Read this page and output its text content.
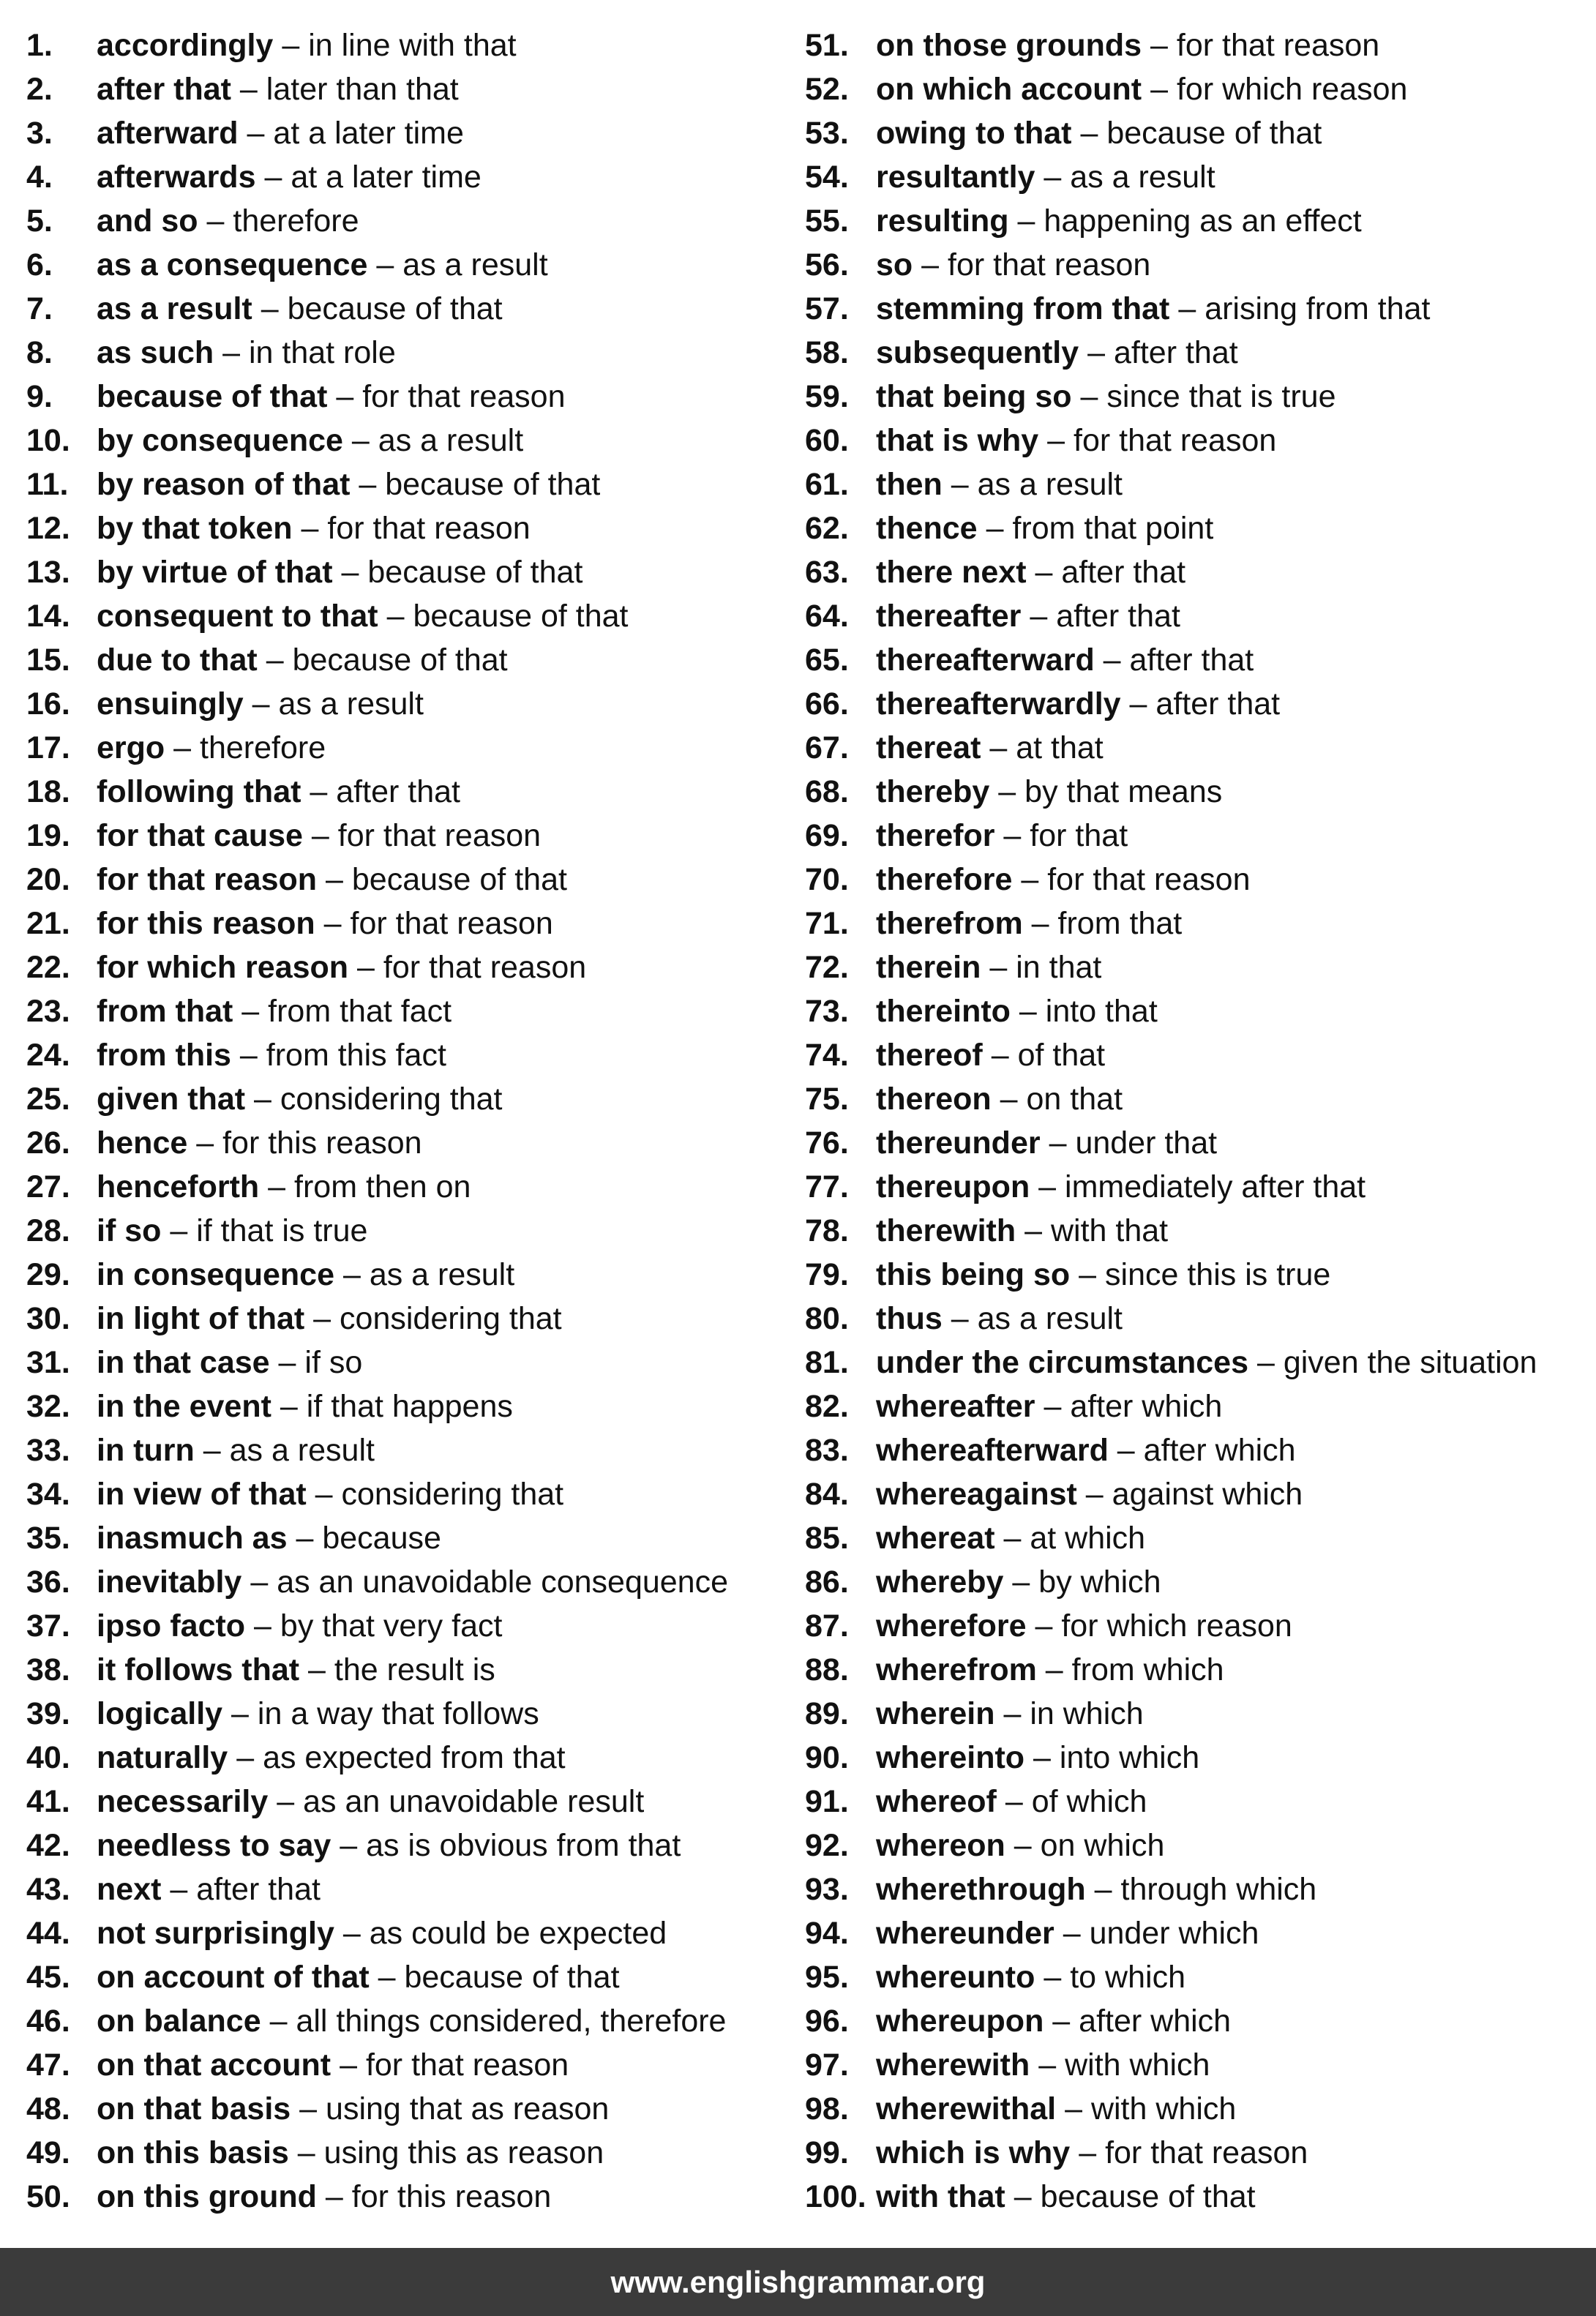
1. accordingly – in line with that
2. after that – later than that
3. afterward – at a later time
4. afterwards – at a later time
5. and so – therefore
6. as a consequence – as a result
7. as a result – because of that
8. as such – in that role
9. because of that – for that reason
10. by consequence – as a result
11. by reason of that – because of that
12. by that token – for that reason
13. by virtue of that – because of that
14. consequent to that – because of that
15. due to that – because of that
16. ensuingly – as a result
17. ergo – therefore
18. following that – after that
19. for that cause – for that reason
20. for that reason – because of that
21. for this reason – for that reason
22. for which reason – for that reason
23. from that – from that fact
24. from this – from this fact
25. given that – considering that
26. hence – for this reason
27. henceforth – from then on
28. if so – if that is true
29. in consequence – as a result
30. in light of that – considering that
31. in that case – if so
32. in the event – if that happens
33. in turn – as a result
34. in view of that – considering that
35. inasmuch as – because
36. inevitably – as an unavoidable consequence
37. ipso facto – by that very fact
38. it follows that – the result is
39. logically – in a way that follows
40. naturally – as expected from that
41. necessarily – as an unavoidable result
42. needless to say – as is obvious from that
43. next – after that
44. not surprisingly – as could be expected
45. on account of that – because of that
46. on balance – all things considered, therefore
47. on that account – for that reason
48. on that basis – using that as reason
49. on this basis – using this as reason
50. on this ground – for this reason
51. on those grounds – for that reason
52. on which account – for which reason
53. owing to that – because of that
54. resultantly – as a result
55. resulting – happening as an effect
56. so – for that reason
57. stemming from that – arising from that
58. subsequently – after that
59. that being so – since that is true
60. that is why – for that reason
61. then – as a result
62. thence – from that point
63. there next – after that
64. thereafter – after that
65. thereafterward – after that
66. thereafterwardly – after that
67. thereat – at that
68. thereby – by that means
69. therefor – for that
70. therefore – for that reason
71. therefrom – from that
72. therein – in that
73. thereinto – into that
74. thereof – of that
75. thereon – on that
76. thereunder – under that
77. thereupon – immediately after that
78. therewith – with that
79. this being so – since this is true
80. thus – as a result
81. under the circumstances – given the situation
82. whereafter – after which
83. whereafterward – after which
84. whereagainst – against which
85. whereat – at which
86. whereby – by which
87. wherefore – for which reason
88. wherefrom – from which
89. wherein – in which
90. whereinto – into which
91. whereof – of which
92. whereon – on which
93. wherethrough – through which
94. whereunder – under which
95. whereunto – to which
96. whereupon – after which
97. wherewith – with which
98. wherewithal – with which
99. which is why – for that reason
100. with that – because of that
www.englishgrammar.org
